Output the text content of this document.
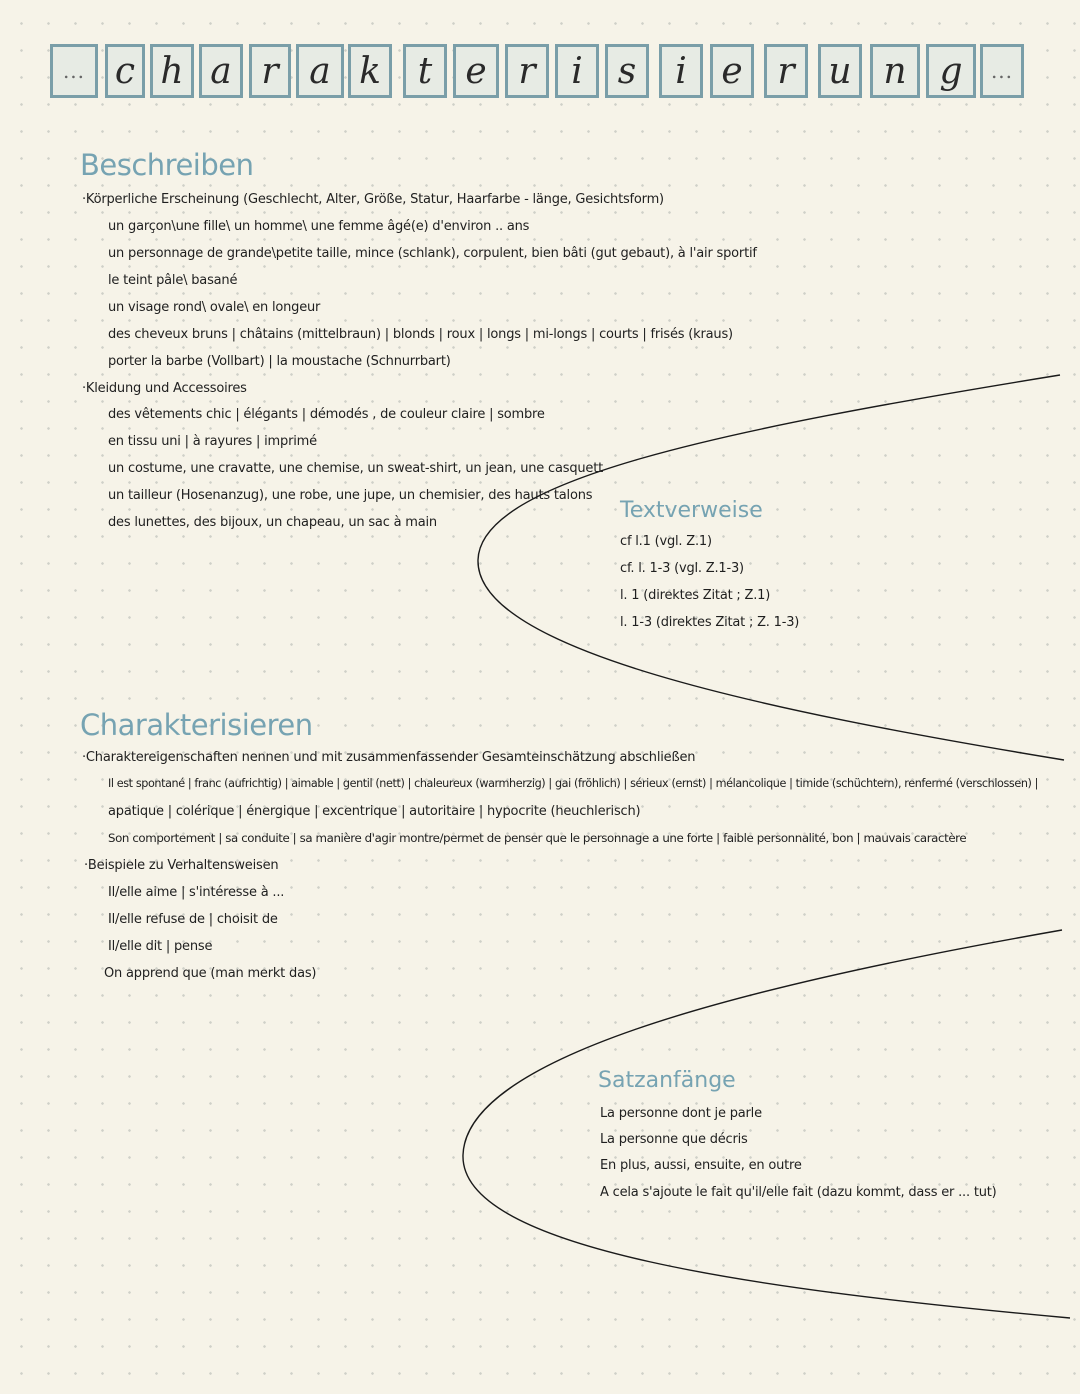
... c h a r a k	t e r i s	i e r u n g	...
Beschreiben
·Körperliche Erscheinung (Geschlecht, Alter, Größe, Statur, Haarfarbe - länge, Gesichtsform)
un garçon\une fille\ un homme\ une femme âgé(e) d'environ .. ans
un personnage de grande\petite taille, mince (schlank), corpulent, bien bâti (gut gebaut), à l'air sportif
le teint pâle\ basané
un visage rond\ ovale\ en longeur
des cheveux bruns | châtains (mittelbraun) | blonds | roux | longs | mi-longs | courts | frisés (kraus)
porter la barbe (Vollbart) | la moustache (Schnurrbart)
·Kleidung und Accessoires
des vêtements chic | élégants | démodés , de couleur claire | sombre
en tissu uni | à rayures | imprimé
un costume, une cravatte, une chemise, un sweat-shirt, un jean, une casquett
un tailleur (Hosenanzug), une robe, une jupe, un chemisier, des hauts talons
des lunettes, des bijoux, un chapeau, un sac à main	Textverweise
cf l.1 (vgl. Z.1)
cf. l. 1-3 (vgl. Z.1-3)
l. 1 (direktes Zitat ; Z.1)
l. 1-3 (direktes Zitat ; Z. 1-3)
Charakterisieren
·Charaktereigenschaften nennen und mit zusammenfassender Gesamteinschätzung abschließen
Il est spontané | franc (aufrichtig) | aimable | gentil (nett) | chaleureux (warmherzig) | gai (fröhlich) | sérieux (ernst) | mélancolique | timide (schüchtern), renfermé (verschlossen) |
apatique | colérique | énergique | excentrique | autoritaire | hypocrite (heuchlerisch)
Son comportement | sa conduite | sa manière d'agir montre/permet de penser que le personnage a une forte | faible personnalité, bon | mauvais caractère
·Beispiele zu Verhaltensweisen
Il/elle aime | s'intéresse à ...
Il/elle refuse de | choisit de
Il/elle dit | pense
On apprend que (man merkt das)
Satzanfänge
La personne dont je parle
La personne que décris
En plus, aussi, ensuite, en outre
A cela s'ajoute le fait qu'il/elle fait (dazu kommt, dass er ... tut)
